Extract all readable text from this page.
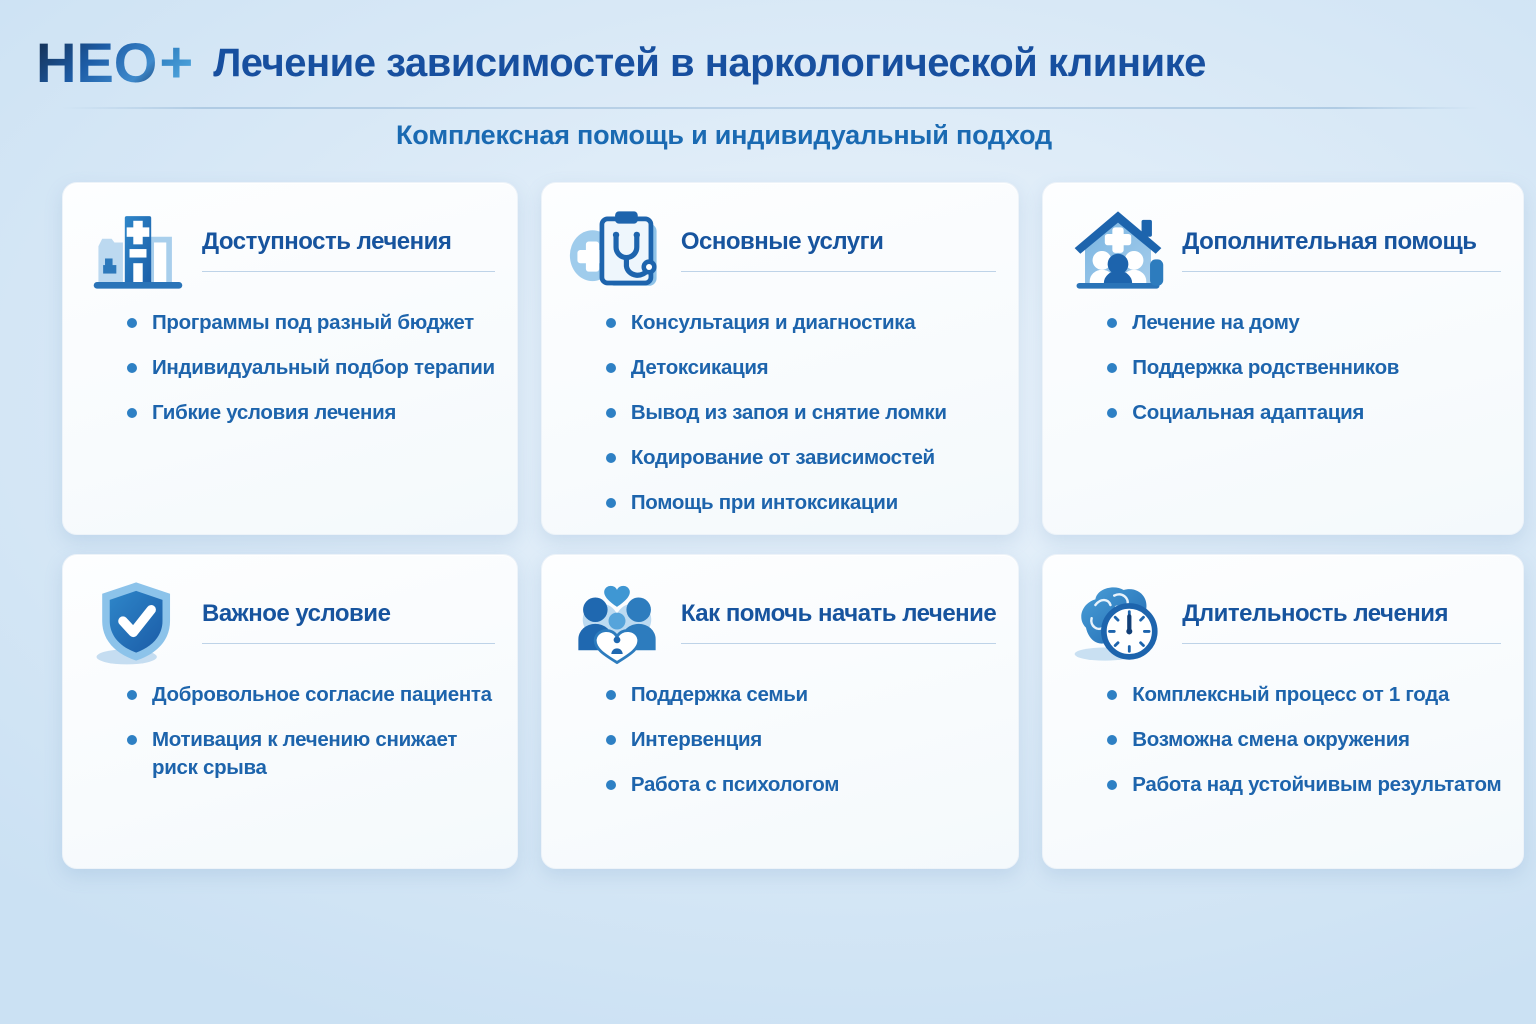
НЕО + Лечение зависимостей в наркологической клинике
Комплексная помощь и индивидуальный подход
Доступность лечения
Программы под разный бюджет
Индивидуальный подбор терапии
Гибкие условия лечения
Основные услуги
Консультация и диагностика
Детоксикация
Вывод из запоя и снятие ломки
Кодирование от зависимостей
Помощь при интоксикации
Дополнительная помощь
Лечение на дому
Поддержка родственников
Социальная адаптация
Важное условие
Добровольное согласие пациента
Мотивация к лечению снижает риск срыва
Как помочь начать лечение
Поддержка семьи
Интервенция
Работа с психологом
Длительность лечения
Комплексный процесс от 1 года
Возможна смена окружения
Работа над устойчивым результатом
